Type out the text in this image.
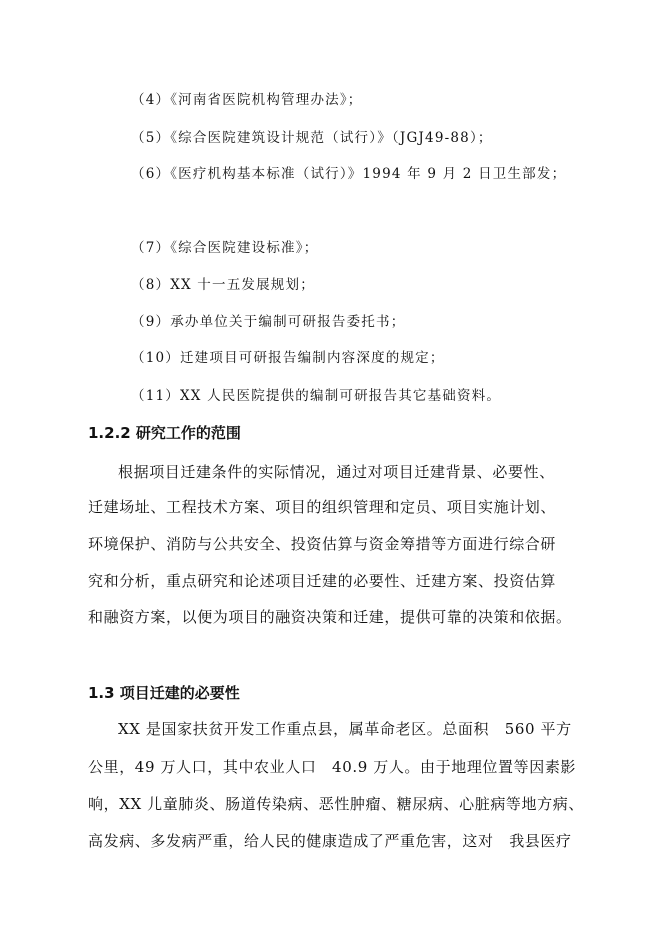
（4）《河南省医院机构管理办法》；
（5）《综合医院建筑设计规范（试行）》（JGJ49-88）；
（6）《医疗机构基本标准（试行）》1994 年 9 月 2 日卫生部发；
（7）《综合医院建设标准》；
（8）XX 十一五发展规划；
（9）承办单位关于编制可研报告委托书；
（10）迁建项目可研报告编制内容深度的规定；
（11）XX 人民医院提供的编制可研报告其它基础资料。
1.2.2 研究工作的范围
根据项目迁建条件的实际情况，通过对项目迁建背景、必要性、
迁建场址、工程技术方案、项目的组织管理和定员、项目实施计划、
环境保护、消防与公共安全、投资估算与资金筹措等方面进行综合研
究和分析，重点研究和论述项目迁建的必要性、迁建方案、投资估算
和融资方案，以便为项目的融资决策和迁建，提供可靠的决策和依据。
1.3 项目迁建的必要性
XX 是国家扶贫开发工作重点县，属革命老区。总面积　560 平方
公里，49 万人口，其中农业人口　40.9 万人。由于地理位置等因素影
响，XX 儿童肺炎、肠道传染病、恶性肿瘤、糖尿病、心脏病等地方病、
高发病、多发病严重，给人民的健康造成了严重危害，这对　我县医疗
